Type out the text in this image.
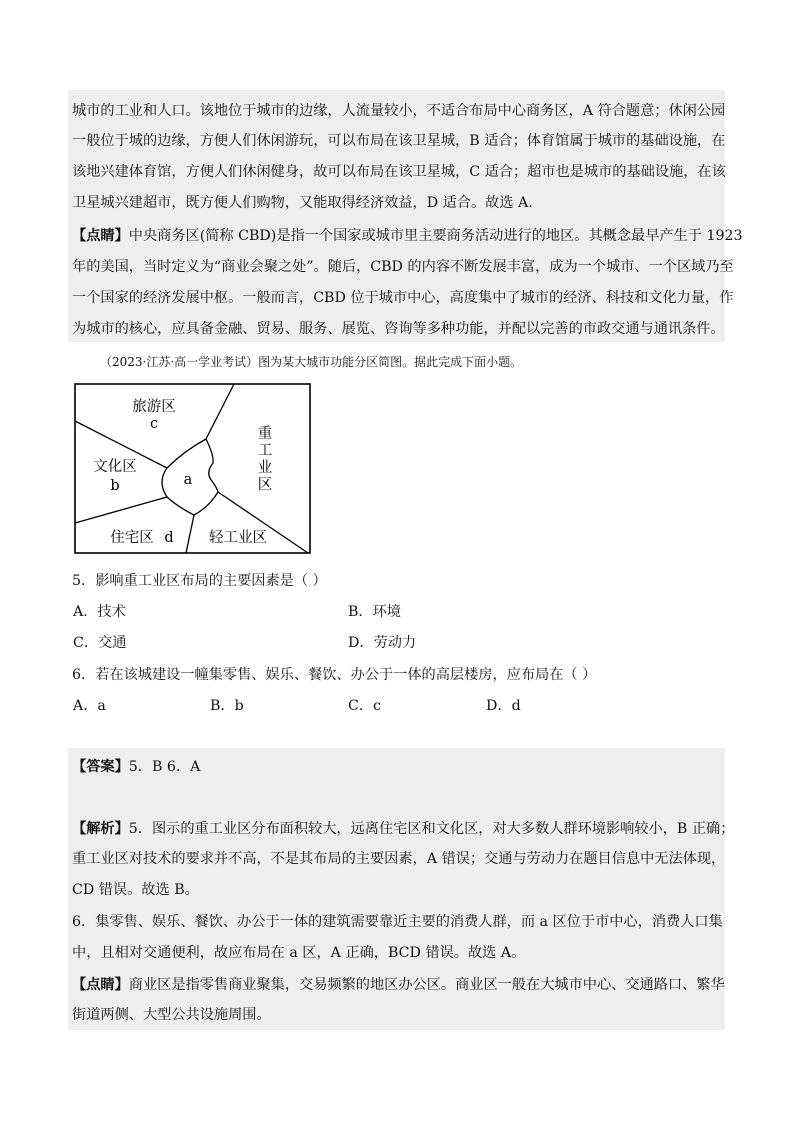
城市的工业和人口。该地位于城市的边缘，人流量较小，不适合布局中心商务区，A 符合题意；休闲公园
一般位于城的边缘，方便人们休闲游玩，可以布局在该卫星城，B 适合；体育馆属于城市的基础设施，在
该地兴建体育馆，方便人们休闲健身，故可以布局在该卫星城，C 适合；超市也是城市的基础设施，在该
卫星城兴建超市，既方便人们购物，又能取得经济效益，D 适合。故选 A.
【点睛】中央商务区(简称 CBD)是指一个国家或城市里主要商务活动进行的地区。其概念最早产生于 1923
年的美国，当时定义为“商业会聚之处”。随后，CBD 的内容不断发展丰富，成为一个城市、一个区域乃至
一个国家的经济发展中枢。一般而言，CBD 位于城市中心，高度集中了城市的经济、科技和文化力量，作
为城市的核心，应具备金融、贸易、服务、展览、咨询等多种功能，并配以完善的市政交通与通讯条件。
（2023·江苏·高一学业考试）图为某大城市功能分区简图。据此完成下面小题。
旅游区
c
重
工
业
区
文化区
b	a
住宅区 d 轻工业区
5．影响重工业区布局的主要因素是（ ）
A．技术	B．环境
C．交通	D．劳动力
6．若在该城建设一幢集零售、娱乐、餐饮、办公于一体的高层楼房，应布局在（ ）
A．a	B．b	C．c	D．d
【答案】5．B 6．A
【解析】5．图示的重工业区分布面积较大，远离住宅区和文化区，对大多数人群环境影响较小，B 正确；
重工业区对技术的要求并不高，不是其布局的主要因素，A 错误；交通与劳动力在题目信息中无法体现，
CD 错误。故选 B。
6．集零售、娱乐、餐饮、办公于一体的建筑需要靠近主要的消费人群，而 a 区位于市中心，消费人口集
中，且相对交通便利，故应布局在 a 区，A 正确，BCD 错误。故选 A。
【点睛】商业区是指零售商业聚集，交易频繁的地区办公区。商业区一般在大城市中心、交通路口、繁华
街道两侧、大型公共设施周围。
